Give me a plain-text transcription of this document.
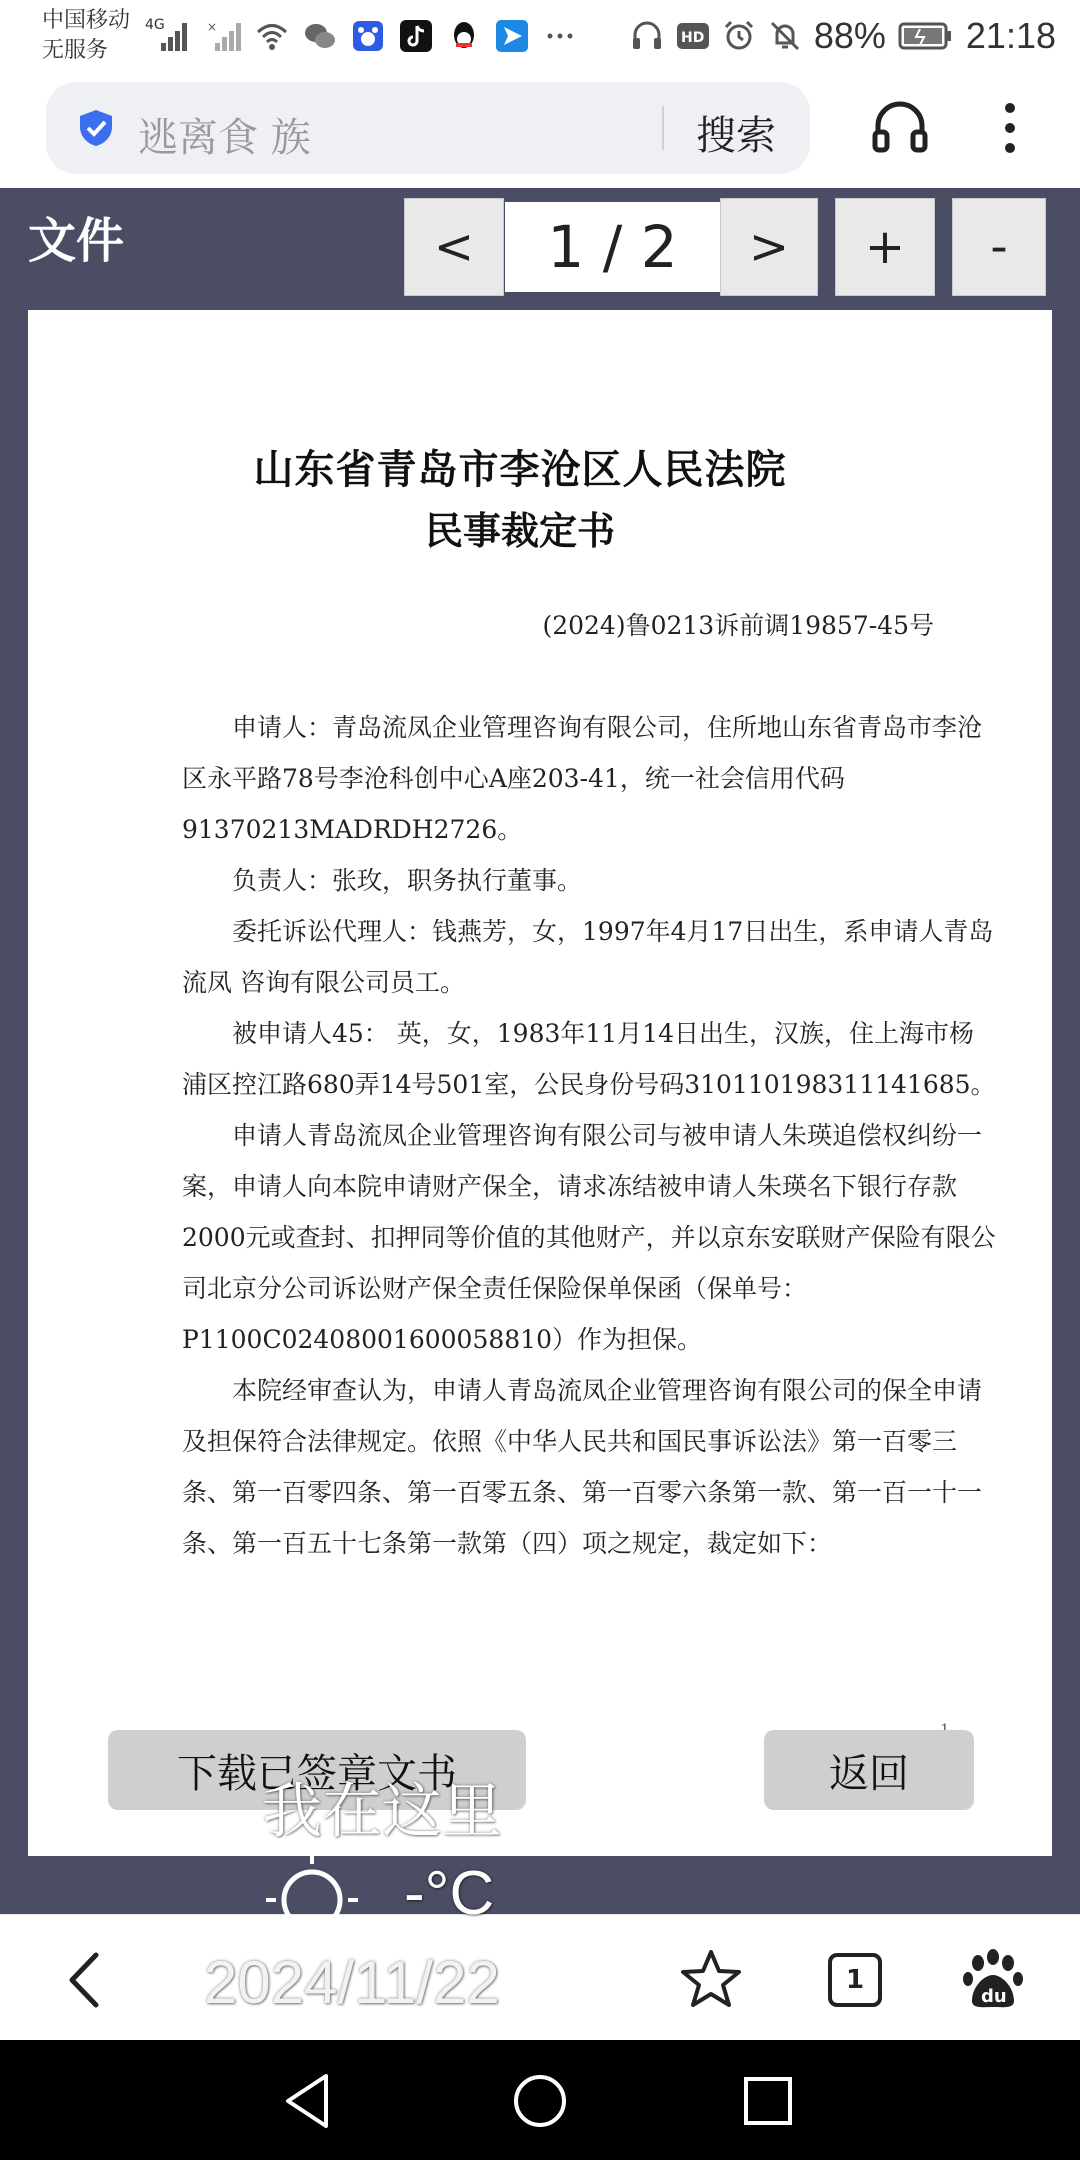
中国移动
无服务
4G	×
HD	88% 21:18
逃离食 族	搜索
文件	<	1 / 2	>	+	-
山东省青岛市李沧区人民法院
民事裁定书
(2024)鲁0213诉前调19857-45号

申请人：青岛流凤企业管理咨询有限公司，住所地山东省青岛市李沧区永平路78号李沧科创中心A座203-41，统一社会信用代码91370213MADRDH2726。

负责人：张玫，职务执行董事。

委托诉讼代理人：钱燕芳，女，1997年4月17日出生，系申请人青岛流凤 咨询有限公司员工。

被申请人45： 英，女，1983年11月14日出生，汉族，住上海市杨浦区控江路680弄14号501室，公民身份号码310110198311141685。

申请人青岛流凤企业管理咨询有限公司与被申请人朱瑛追偿权纠纷一案，申请人向本院申请财产保全，请求冻结被申请人朱瑛名下银行存款2000元或查封、扣押同等价值的其他财产，并以京东安联财产保险有限公司北京分公司诉讼财产保全责任保险保单保函（保单号：P1100C02408001600058810）作为担保。

本院经审查认为，申请人青岛流凤企业管理咨询有限公司的保全申请及担保符合法律规定。依照《中华人民共和国民事诉讼法》第一百零三条、第一百零四条、第一百零五条、第一百零六条第一款、第一百一十一条、第一百五十七条第一款第（四）项之规定，裁定如下：

下载已签章文书	返回
1
du
我在这里
-°C
2024/11/22
